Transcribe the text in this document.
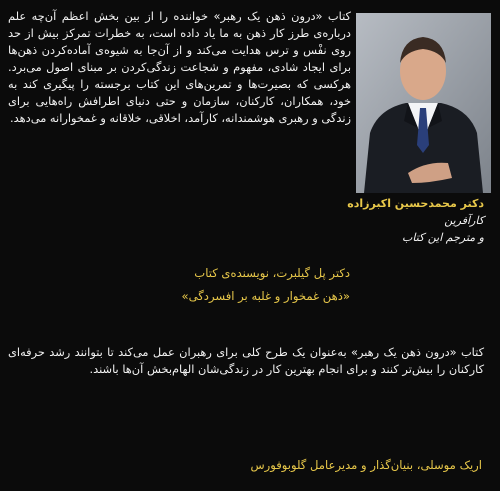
کتاب «درون ذهن یک رهبر» خواننده را از بین بخش اعظم آن‌چه علم درباره‌ی طرز کار ذهن به ما یاد داده است، به خطرات تمرکز بیش از حد روی نفْس و ترس هدایت می‌کند و از آن‌جا به شیوه‌ی آماده‌کردن ذهن‌ها برای ایجاد شادی، مفهوم و شجاعت زندگی‌کردن بر مبنای اصول می‌برد. هرکسی که بصیرت‌ها و تمرین‌های این کتاب برجسته را پیگیری کند به خود، همکاران، کارکنان، سازمان و حتی دنیای اطرافش راه‌هایی برای زندگی و رهبری هوشمندانه، کارآمد، اخلاقی، خلاقانه و غمخوارانه می‌دهد.
دکتر پل گیلبرت، نویسنده‌ی کتاب
«ذهن غمخوار و غلبه بر افسردگی»
دکتر محمدحسین اکبرزاده
کارآفرین
و مترجم این کتاب
کتاب «درون ذهن یک رهبر» به‌عنوان یک طرح کلی برای رهبران عمل می‌کند تا بتوانند رشد حرفه‌ای کارکنان را بیش‌تر کنند و برای انجام بهترین کار در زندگی‌شان الهام‌بخش آن‌ها باشند.
اریک موسلی، بنیان‌گذار و مدیرعامل گلوبوفورس
